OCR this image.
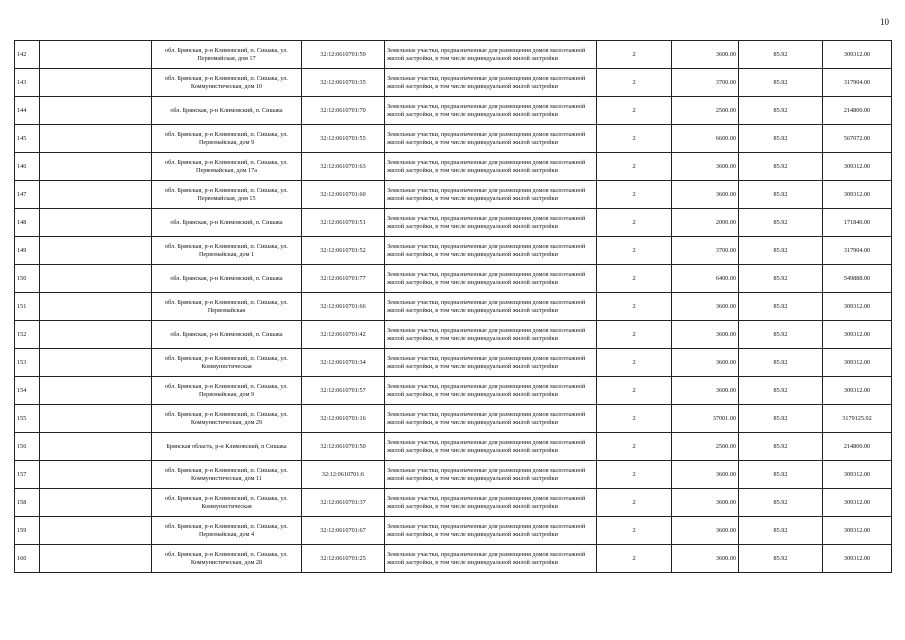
10
142		обл. Брянская, р-н Климовский, п. Сишака, ул. Первомайская, дом 17	32:12:0610701:59	Земельные участки, предназначенные для размещения домов малоэтажной жилой застройки, в том числе индивидуальной жилой застройки	2	3600.00	85.92	309312.00
143		обл. Брянская, р-н Климовский, п. Сишака, ул. Коммунистическая, дом 10	32:12:0610701:35	Земельные участки, предназначенные для размещения домов малоэтажной жилой застройки, в том числе индивидуальной жилой застройки	2	3700.00	85.92	317904.00
144		обл. Брянская, р-н Климовский, п. Сишака	32:12:0610701:70	Земельные участки, предназначенные для размещения домов малоэтажной жилой застройки, в том числе индивидуальной жилой застройки	2	2500.00	85.92	214800.00
145		обл. Брянская, р-н Климовский, п. Сишака, ул. Первомайская, дом 9	32:12:0610701:55	Земельные участки, предназначенные для размещения домов малоэтажной жилой застройки, в том числе индивидуальной жилой застройки	2	6600.00	85.92	567072.00
146		обл. Брянская, р-н Климовский, п. Сишака, ул. Первомайская, дом 17а	32:12:0610701:63	Земельные участки, предназначенные для размещения домов малоэтажной жилой застройки, в том числе индивидуальной жилой застройки	2	3600.00	85.92	309312.00
147		обл. Брянская, р-н Климовский, п. Сишака, ул. Первомайская, дом 15	32:12:0610701:60	Земельные участки, предназначенные для размещения домов малоэтажной жилой застройки, в том числе индивидуальной жилой застройки	2	3600.00	85.92	309312.00
148		обл. Брянская, р-н Климовский, п. Сишака	32:12:0610701:51	Земельные участки, предназначенные для размещения домов малоэтажной жилой застройки, в том числе индивидуальной жилой застройки	2	2000.00	85.92	171840.00
149		обл. Брянская, р-н Климовский, п. Сишака, ул. Первомайская, дом 1	32:12:0610701:52	Земельные участки, предназначенные для размещения домов малоэтажной жилой застройки, в том числе индивидуальной жилой застройки	2	3700.00	85.92	317904.00
150		обл. Брянская, р-н Климовский, п. Сишака	32:12:0610701:77	Земельные участки, предназначенные для размещения домов малоэтажной жилой застройки, в том числе индивидуальной жилой застройки	2	6400.00	85.92	549888.00
151		обл. Брянская, р-н Климовский, п. Сишака, ул. Первомайская	32:12:0610701:66	Земельные участки, предназначенные для размещения домов малоэтажной жилой застройки, в том числе индивидуальной жилой застройки	2	3600.00	85.92	309312.00
152		обл. Брянская, р-н Климовский, п. Сишака	32:12:0610701:42	Земельные участки, предназначенные для размещения домов малоэтажной жилой застройки, в том числе индивидуальной жилой застройки	2	3600.00	85.92	309312.00
153		обл. Брянская, р-н Климовский, п. Сишака, ул. Коммунистическая	32:12:0610701:34	Земельные участки, предназначенные для размещения домов малоэтажной жилой застройки, в том числе индивидуальной жилой застройки	2	3600.00	85.92	309312.00
154		обл. Брянская, р-н Климовский, п. Сишака, ул. Первомайская, дом 9	32:12:0610701:57	Земельные участки, предназначенные для размещения домов малоэтажной жилой застройки, в том числе индивидуальной жилой застройки	2	3600.00	85.92	309312.00
155		обл. Брянская, р-н Климовский, п. Сишака, ул. Коммунистическая, дом 29	32:12:0610701:16	Земельные участки, предназначенные для размещения домов малоэтажной жилой застройки, в том числе индивидуальной жилой застройки	2	37001.00	85.92	3179125.92
156		Брянская область, р-н Климовский, п Сишака	32:12:0610701:50	Земельные участки, предназначенные для размещения домов малоэтажной жилой застройки, в том числе индивидуальной жилой застройки	2	2500.00	85.92	214800.00
157		обл. Брянская, р-н Климовский, п. Сишака, ул. Коммунистическая, дом 11	32:12:0610701:6	Земельные участки, предназначенные для размещения домов малоэтажной жилой застройки, в том числе индивидуальной жилой застройки	2	3600.00	85.92	309312.00
158		обл. Брянская, р-н Климовский, п. Сишака, ул. Коммунистическая	32:12:0610701:37	Земельные участки, предназначенные для размещения домов малоэтажной жилой застройки, в том числе индивидуальной жилой застройки	2	3600.00	85.92	309312.00
159		обл. Брянская, р-н Климовский, п. Сишака, ул. Первомайская, дом 4	32:12:0610701:67	Земельные участки, предназначенные для размещения домов малоэтажной жилой застройки, в том числе индивидуальной жилой застройки	2	3600.00	85.92	309312.00
160		обл. Брянская, р-н Климовский, п. Сишака, ул. Коммунистическая, дом 28	32:12:0610701:25	Земельные участки, предназначенные для размещения домов малоэтажной жилой застройки, в том числе индивидуальной жилой застройки	2	3600.00	85.92	309312.00
